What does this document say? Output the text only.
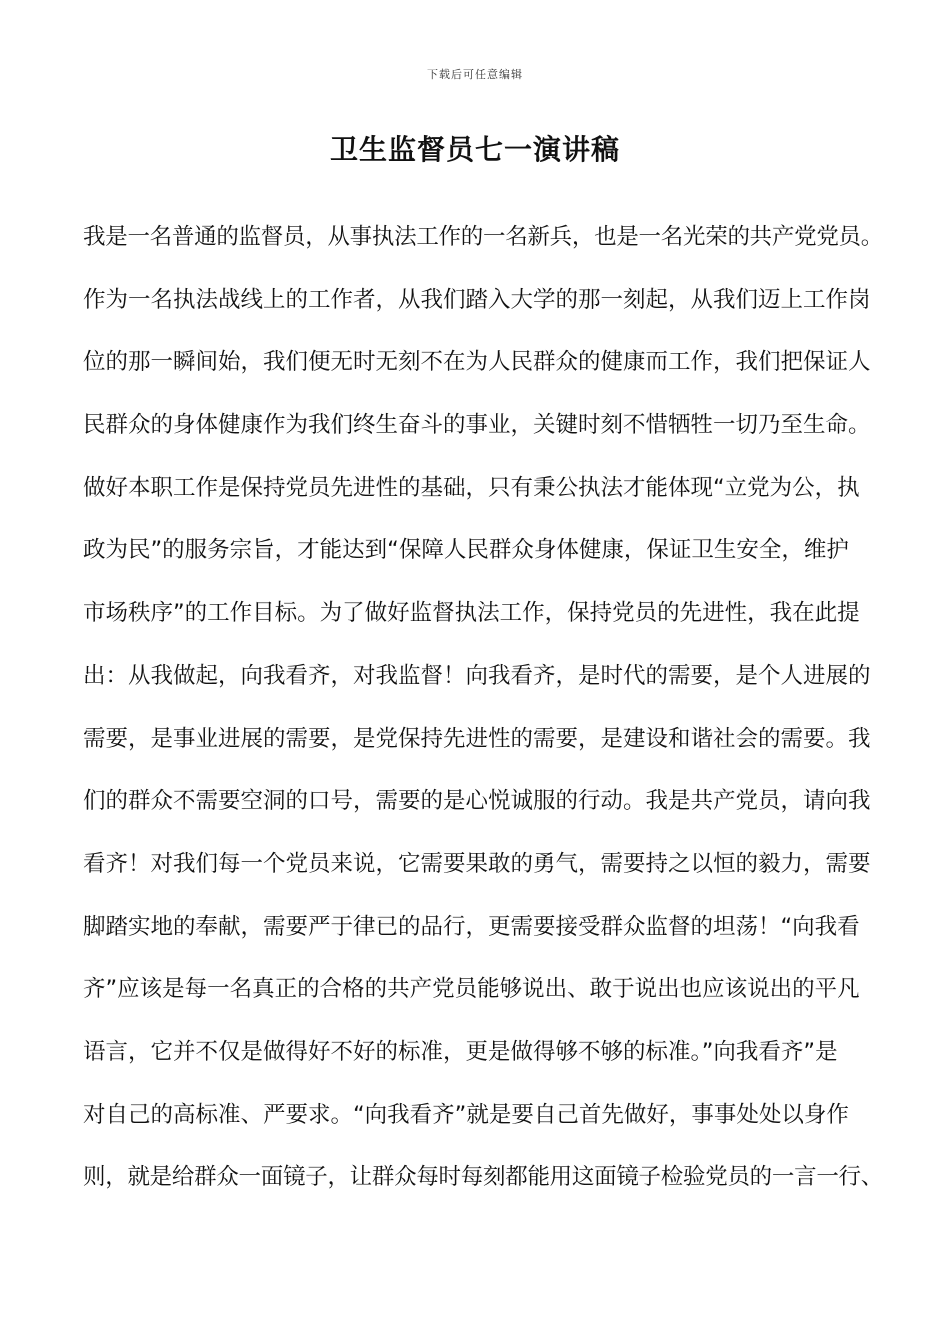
下载后可任意编辑
卫生监督员七一演讲稿
我是一名普通的监督员，从事执法工作的一名新兵，也是一名光荣的共产党党员。
作为一名执法战线上的工作者，从我们踏入大学的那一刻起，从我们迈上工作岗
位的那一瞬间始，我们便无时无刻不在为人民群众的健康而工作，我们把保证人
民群众的身体健康作为我们终生奋斗的事业，关键时刻不惜牺牲一切乃至生命。
做好本职工作是保持党员先进性的基础，只有秉公执法才能体现“立党为公，执
政为民”的服务宗旨，才能达到“保障人民群众身体健康，保证卫生安全，维护
市场秩序”的工作目标。为了做好监督执法工作，保持党员的先进性，我在此提
出：从我做起，向我看齐，对我监督！向我看齐，是时代的需要，是个人进展的
需要，是事业进展的需要，是党保持先进性的需要，是建设和谐社会的需要。我
们的群众不需要空洞的口号，需要的是心悦诚服的行动。我是共产党员，请向我
看齐！对我们每一个党员来说，它需要果敢的勇气，需要持之以恒的毅力，需要
脚踏实地的奉献，需要严于律已的品行，更需要接受群众监督的坦荡！“向我看
齐”应该是每一名真正的合格的共产党员能够说出、敢于说出也应该说出的平凡
语言，它并不仅是做得好不好的标准，更是做得够不够的标准。”向我看齐”是
对自己的高标准、严要求。“向我看齐”就是要自己首先做好，事事处处以身作
则，就是给群众一面镜子，让群众每时每刻都能用这面镜子检验党员的一言一行、
